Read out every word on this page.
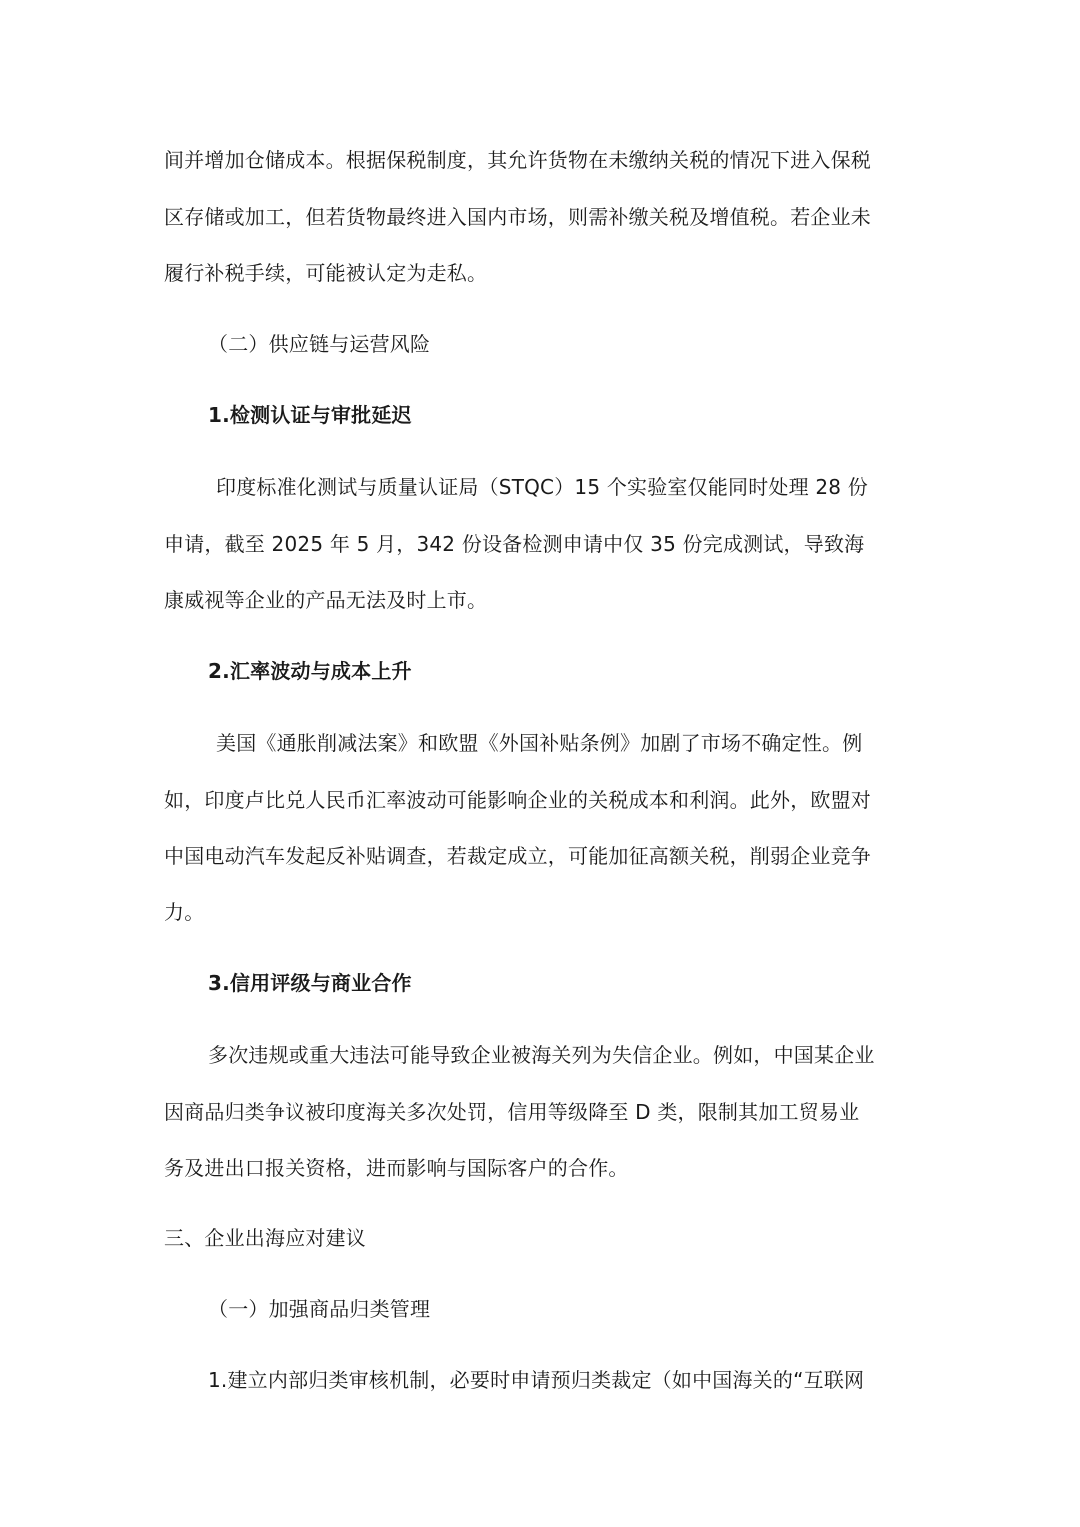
间并增加仓储成本。根据保税制度，其允许货物在未缴纳关税的情况下进入保税
区存储或加工，但若货物最终进入国内市场，则需补缴关税及增值税。若企业未
履行补税手续，可能被认定为走私。
（二）供应链与运营风险
1.检测认证与审批延迟
印度标准化测试与质量认证局（STQC）15 个实验室仅能同时处理 28 份
申请，截至 2025 年 5 月，342 份设备检测申请中仅 35 份完成测试，导致海
康威视等企业的产品无法及时上市。
2.汇率波动与成本上升
美国《通胀削减法案》和欧盟《外国补贴条例》加剧了市场不确定性。例
如，印度卢比兑人民币汇率波动可能影响企业的关税成本和利润。此外，欧盟对
中国电动汽车发起反补贴调查，若裁定成立，可能加征高额关税，削弱企业竞争
力。
3.信用评级与商业合作
多次违规或重大违法可能导致企业被海关列为失信企业。例如，中国某企业
因商品归类争议被印度海关多次处罚，信用等级降至 D 类，限制其加工贸易业
务及进出口报关资格，进而影响与国际客户的合作。
三、企业出海应对建议
（一）加强商品归类管理
1.建立内部归类审核机制，必要时申请预归类裁定（如中国海关的“互联网
